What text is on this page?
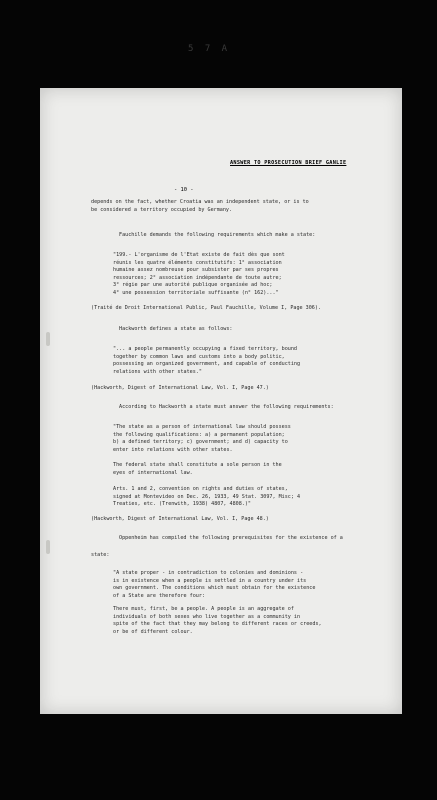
5 7 A
ANSWER TO PROSECUTION BRIEF GANLIE
- 10 -

depends on the fact, whether Croatia was an independent state, or is to

be considered a territory occupied by Germany.

Fauchille demands the following requirements which make a state:

"199.- L'organisme de l'Etat existe de fait dès que sont

réunis les quatre éléments constitutifs: 1° association

humaine assez nombreuse pour subsister par ses propres

ressources; 2° association indépendante de toute autre;

3° régie par une autorité publique organisée ad hoc;

4° une possession territoriale suffisante (n° 162)..."

(Traité de Droit International Public, Paul Fauchille, Volume I, Page 306).

Hackworth defines a state as follows:

"... a people permanently occupying a fixed territory, bound

together by common laws and customs into a body politic,

possessing an organized government, and capable of conducting

relations with other states."

(Hackworth, Digest of International Law, Vol. I, Page 47.)

According to Hackworth a state must answer the following requirements:

"The state as a person of international law should possess

the following qualifications: a) a permanent population;

b) a defined territory; c) government; and d) capacity to

enter into relations with other states.

The federal state shall constitute a sole person in the

eyes of international law.

Arts. 1 and 2, convention on rights and duties of states,

signed at Montevideo on Dec. 26, 1933, 49 Stat. 3097, Misc; 4

Treaties, etc. (Trenwith, 1938) 4807, 4808.)"

(Hackworth, Digest of International Law, Vol. I, Page 48.)

Oppenheim has compiled the following prerequisites for the existence of a

state:

"A state proper - in contradiction to colonies and dominions -

is in existence when a people is settled in a country under its

own government. The conditions which must obtain for the existence

of a State are therefore four:

There must, first, be a people. A people is an aggregate of

individuals of both sexes who live together as a community in

spite of the fact that they may belong to different races or creeds,

or be of different colour.
